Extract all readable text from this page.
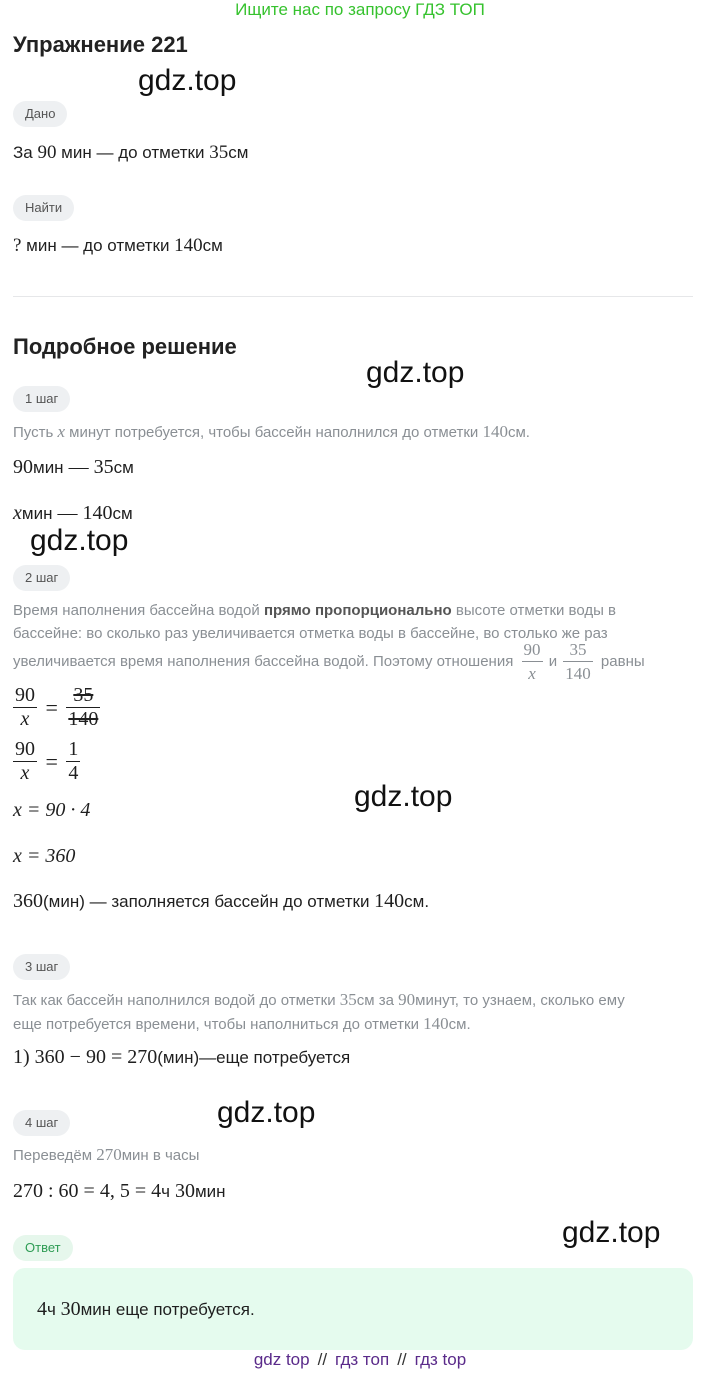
Ищите нас по запросу ГДЗ ТОП
Упражнение 221
gdz.top
Дано
За 90 мин — до отметки 35см
Найти
? мин — до отметки 140см
Подробное решение
gdz.top
1 шаг
Пусть x минут потребуется, чтобы бассейн наполнился до отметки 140см.
90мин — 35см
xмин — 140см
gdz.top
2 шаг
Время наполнения бассейна водой прямо пропорционально высоте отметки воды в
бассейне: во сколько раз увеличивается отметка воды в бассейне, во столько же раз
увеличивается время наполнения бассейна водой. Поэтому отношения $\frac{90}{x}$ и $\frac{35}{140}$ равны
$\frac{90}{x} = \frac{35}{140}$
$\frac{90}{x} = \frac{1}{4}$
gdz.top
x = 90 · 4
x = 360
360(мин) — заполняется бассейн до отметки 140см.
3 шаг
Так как бассейн наполнился водой до отметки 35см за 90минут, то узнаем, сколько ему
еще потребуется времени, чтобы наполниться до отметки 140см.
1) 360 − 90 = 270(мин)—еще потребуется
gdz.top
4 шаг
Переведём 270мин в часы
270 : 60 = 4, 5 = 4ч 30мин
gdz.top
Ответ
4ч 30мин еще потребуется.
gdz top // гдз топ // гдз top
